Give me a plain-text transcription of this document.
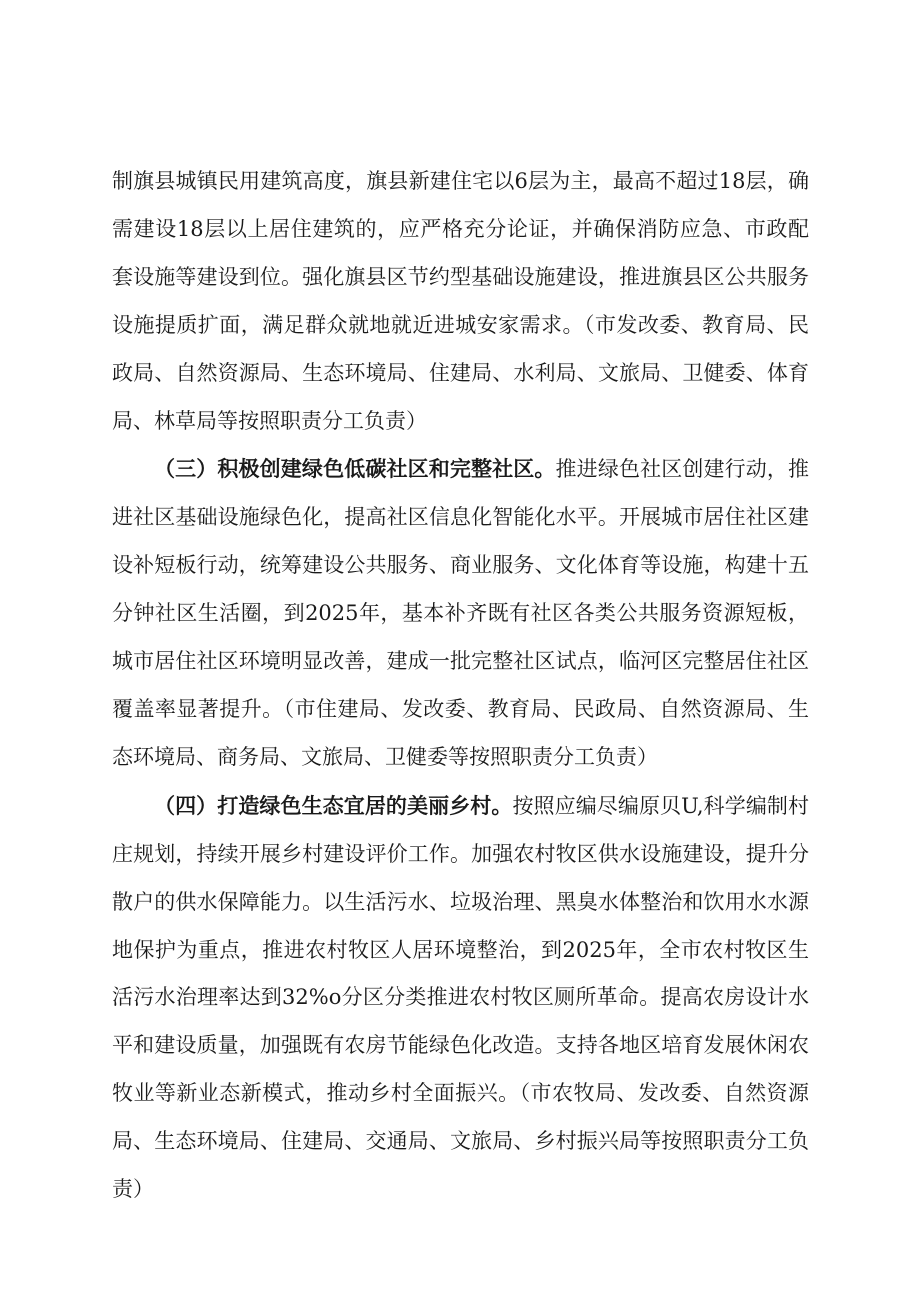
制旗县城镇民用建筑高度，旗县新建住宅以6层为主，最高不超过18层，确需建设18层以上居住建筑的，应严格充分论证，并确保消防应急、市政配套设施等建设到位。强化旗县区节约型基础设施建设，推进旗县区公共服务设施提质扩面，满足群众就地就近进城安家需求。（市发改委、教育局、民政局、自然资源局、生态环境局、住建局、水利局、文旅局、卫健委、体育局、林草局等按照职责分工负责）

（三）积极创建绿色低碳社区和完整社区。推进绿色社区创建行动，推进社区基础设施绿色化，提高社区信息化智能化水平。开展城市居住社区建设补短板行动，统筹建设公共服务、商业服务、文化体育等设施，构建十五分钟社区生活圈，到2025年，基本补齐既有社区各类公共服务资源短板，城市居住社区环境明显改善，建成一批完整社区试点，临河区完整居住社区覆盖率显著提升。（市住建局、发改委、教育局、民政局、自然资源局、生态环境局、商务局、文旅局、卫健委等按照职责分工负责）

（四）打造绿色生态宜居的美丽乡村。按照应编尽编原贝U,科学编制村庄规划，持续开展乡村建设评价工作。加强农村牧区供水设施建设，提升分散户的供水保障能力。以生活污水、垃圾治理、黑臭水体整治和饮用水水源地保护为重点，推进农村牧区人居环境整治，到2025年，全市农村牧区生活污水治理率达到32%o分区分类推进农村牧区厕所革命。提高农房设计水平和建设质量，加强既有农房节能绿色化改造。支持各地区培育发展休闲农牧业等新业态新模式，推动乡村全面振兴。（市农牧局、发改委、自然资源局、生态环境局、住建局、交通局、文旅局、乡村振兴局等按照职责分工负责）
